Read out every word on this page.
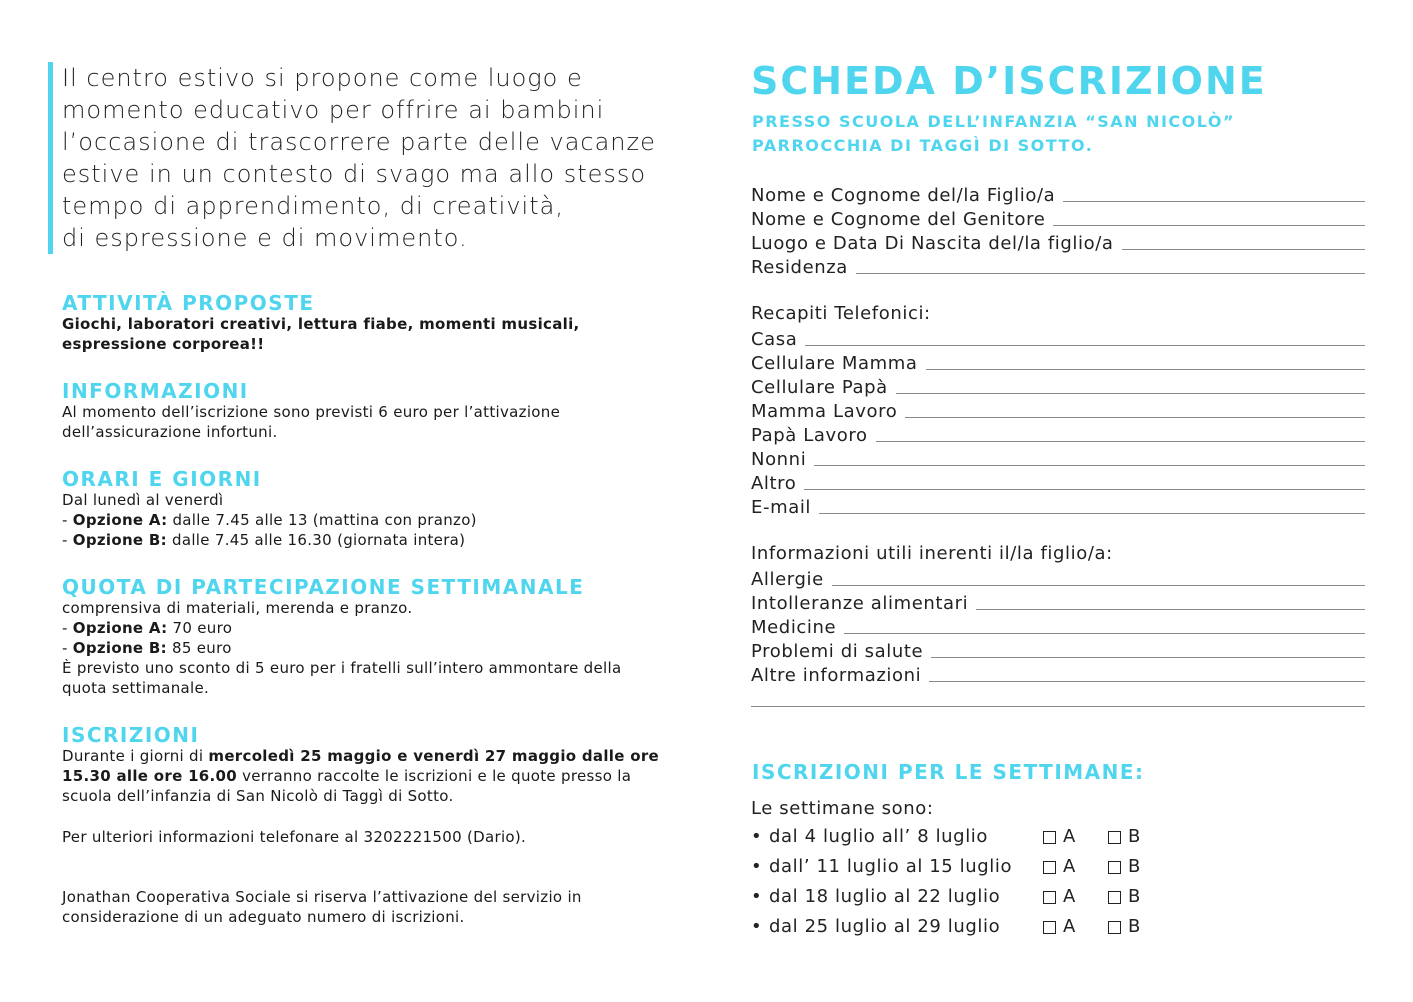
Il centro estivo si propone come luogo e
momento educativo per offrire ai bambini
l’occasione di trascorrere parte delle vacanze
estive in un contesto di svago ma allo stesso
tempo di apprendimento, di creatività,
di espressione e di movimento.
ATTIVITÀ PROPOSTE
Giochi, laboratori creativi, lettura fiabe, momenti musicali,
espressione corporea!!
INFORMAZIONI
Al momento dell’iscrizione sono previsti 6 euro per l’attivazione
dell’assicurazione infortuni.
ORARI E GIORNI
Dal lunedì al venerdì
- Opzione A: dalle 7.45 alle 13 (mattina con pranzo)
- Opzione B: dalle 7.45 alle 16.30 (giornata intera)
QUOTA DI PARTECIPAZIONE SETTIMANALE
comprensiva di materiali, merenda e pranzo.
- Opzione A: 70 euro
- Opzione B: 85 euro
È previsto uno sconto di 5 euro per i fratelli sull’intero ammontare della
quota settimanale.
ISCRIZIONI
Durante i giorni di mercoledì 25 maggio e venerdì 27 maggio dalle ore
15.30 alle ore 16.00 verranno raccolte le iscrizioni e le quote presso la
scuola dell’infanzia di San Nicolò di Taggì di Sotto.
Per ulteriori informazioni telefonare al 3202221500 (Dario).
Jonathan Cooperativa Sociale si riserva l’attivazione del servizio in
considerazione di un adeguato numero di iscrizioni.
SCHEDA D’ISCRIZIONE
PRESSO SCUOLA DELL’INFANZIA “SAN NICOLÒ”
PARROCCHIA DI TAGGÌ DI SOTTO.
Nome e Cognome del/la Figlio/a
Nome e Cognome del Genitore
Luogo e Data Di Nascita del/la figlio/a
Residenza
Recapiti Telefonici:
Casa
Cellulare Mamma
Cellulare Papà
Mamma Lavoro
Papà Lavoro
Nonni
Altro
E-mail
Informazioni utili inerenti il/la figlio/a:
Allergie
Intolleranze alimentari
Medicine
Problemi di salute
Altre informazioni
ISCRIZIONI PER LE SETTIMANE:
Le settimane sono:
• dal 4 luglio all’ 8 luglio	A	B
• dall’ 11 luglio al 15 luglio	A	B
• dal 18 luglio al 22 luglio	A	B
• dal 25 luglio al 29 luglio	A	B
